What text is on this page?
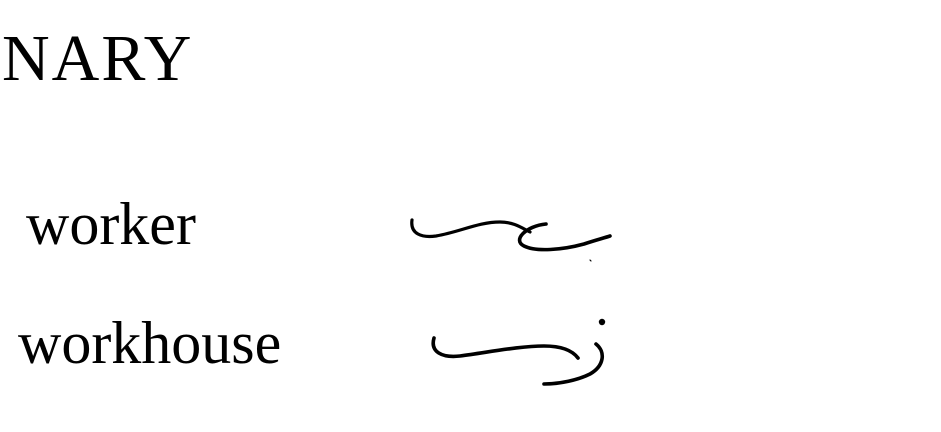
NARY
worker
workhouse
